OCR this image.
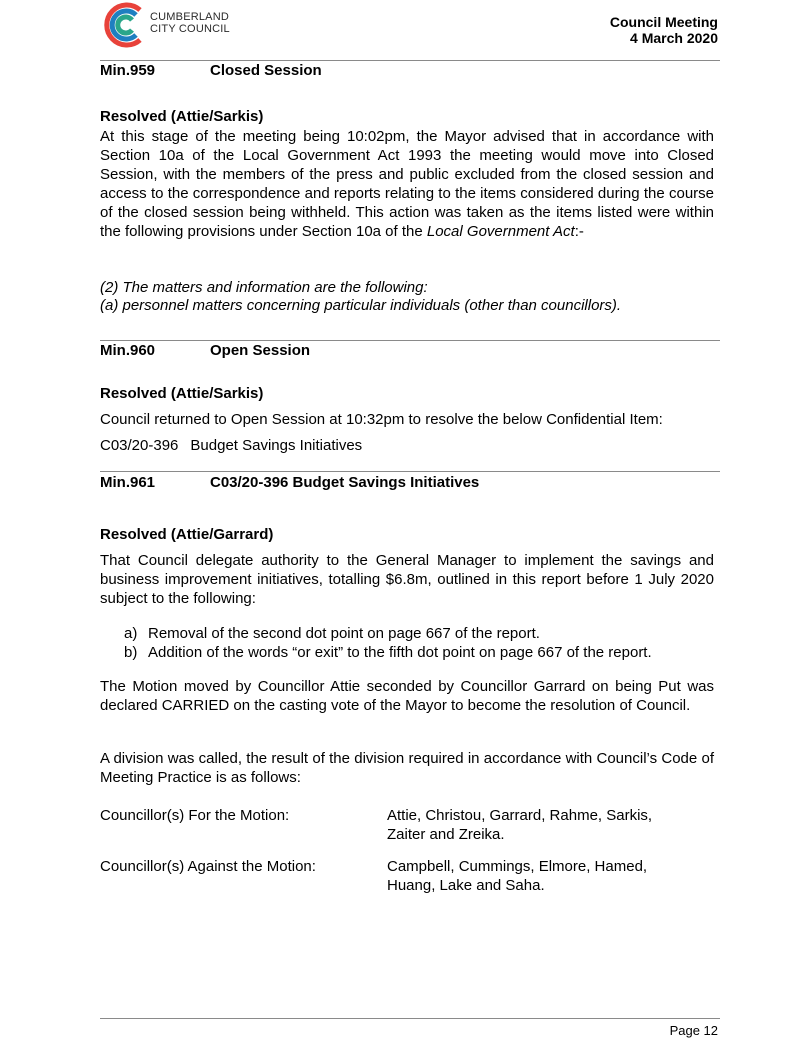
CUMBERLAND
CITY COUNCIL	Council Meeting
4 March 2020
Min.959	Closed Session
Resolved (Attie/Sarkis)
At this stage of the meeting being 10:02pm, the Mayor advised that in accordance with Section 10a of the Local Government Act 1993 the meeting would move into Closed Session, with the members of the press and public excluded from the closed session and access to the correspondence and reports relating to the items considered during the course of the closed session being withheld. This action was taken as the items listed were within the following provisions under Section 10a of the Local Government Act:-
(2) The matters and information are the following:
(a) personnel matters concerning particular individuals (other than councillors).
Min.960	Open Session
Resolved (Attie/Sarkis)
Council returned to Open Session at 10:32pm to resolve the below Confidential Item:
C03/20-396 Budget Savings Initiatives
Min.961	C03/20-396 Budget Savings Initiatives
Resolved (Attie/Garrard)
That Council delegate authority to the General Manager to implement the savings and business improvement initiatives, totalling $6.8m, outlined in this report before 1 July 2020 subject to the following:
a) Removal of the second dot point on page 667 of the report.
b) Addition of the words “or exit” to the fifth dot point on page 667 of the report.
The Motion moved by Councillor Attie seconded by Councillor Garrard on being Put was declared CARRIED on the casting vote of the Mayor to become the resolution of Council.
A division was called, the result of the division required in accordance with Council’s Code of Meeting Practice is as follows:
Councillor(s) For the Motion:	Attie, Christou, Garrard, Rahme, Sarkis,
Zaiter and Zreika.
Councillor(s) Against the Motion:	Campbell, Cummings, Elmore, Hamed,
Huang, Lake and Saha.
Page 12
